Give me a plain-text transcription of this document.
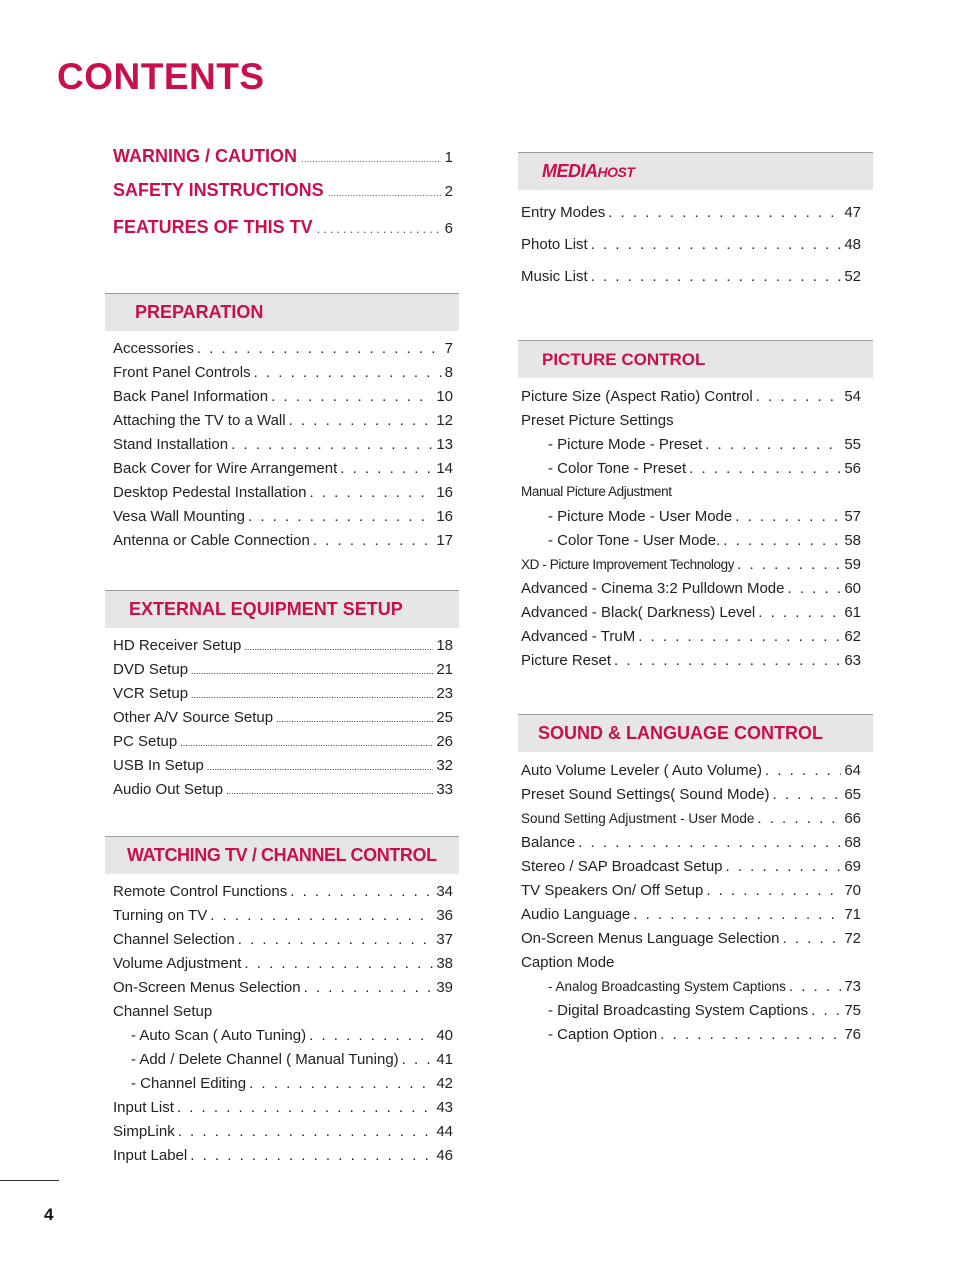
CONTENTS
WARNING / CAUTION .....	1
SAFETY INSTRUCTIONS .....	2
FEATURES OF THIS TV .....	6
PREPARATION
Accessories . . .	7
Front Panel Controls . . .	8
Back Panel Information . . .	10
Attaching the TV to a Wall . . .	12
Stand Installation . . .	13
Back Cover for Wire Arrangement . . .	14
Desktop Pedestal Installation . . .	16
Vesa Wall Mounting . . .	16
Antenna or Cable Connection . . .	17
EXTERNAL EQUIPMENT SETUP
HD Receiver Setup .....	18
DVD Setup .....	21
VCR Setup .....	23
Other A/V Source Setup .....	25
PC Setup .....	26
USB In Setup .....	32
Audio Out Setup .....	33
WATCHING TV / CHANNEL CONTROL
Remote Control Functions . . .	34
Turning on TV . . .	36
Channel Selection . . .	37
Volume Adjustment . . .	38
On-Screen Menus Selection . . .	39
Channel Setup
- Auto Scan ( Auto Tuning) . . .	40
- Add / Delete Channel ( Manual Tuning) . . .	41
- Channel Editing . . .	42
Input List . . .	43
SimpLink . . .	44
Input Label . . .	46
MEDIAHOST
Entry Modes . . .	47
Photo List . . .	48
Music List . . .	52
PICTURE CONTROL
Picture Size (Aspect Ratio) Control . . .	54
Preset Picture Settings
- Picture Mode - Preset . . .	55
- Color Tone - Preset . . .	56
Manual Picture Adjustment
- Picture Mode - User Mode . . .	57
- Color Tone - User Mode. . . .	58
XD - Picture Improvement Technology . . .	59
Advanced - Cinema 3:2 Pulldown Mode . . .	60
Advanced - Black( Darkness) Level . . .	61
Advanced - TruM . . .	62
Picture Reset . . .	63
SOUND & LANGUAGE CONTROL
Auto Volume Leveler ( Auto Volume) . . .	64
Preset Sound Settings( Sound Mode) . . .	65
Sound Setting Adjustment - User Mode . . .	66
Balance . . .	68
Stereo / SAP Broadcast Setup . . .	69
TV Speakers On/ Off Setup . . .	70
Audio Language . . .	71
On-Screen Menus Language Selection . . .	72
Caption Mode
- Analog Broadcasting System Captions . . .	73
- Digital Broadcasting System Captions . . . 75
- Caption Option . . .	76
4
